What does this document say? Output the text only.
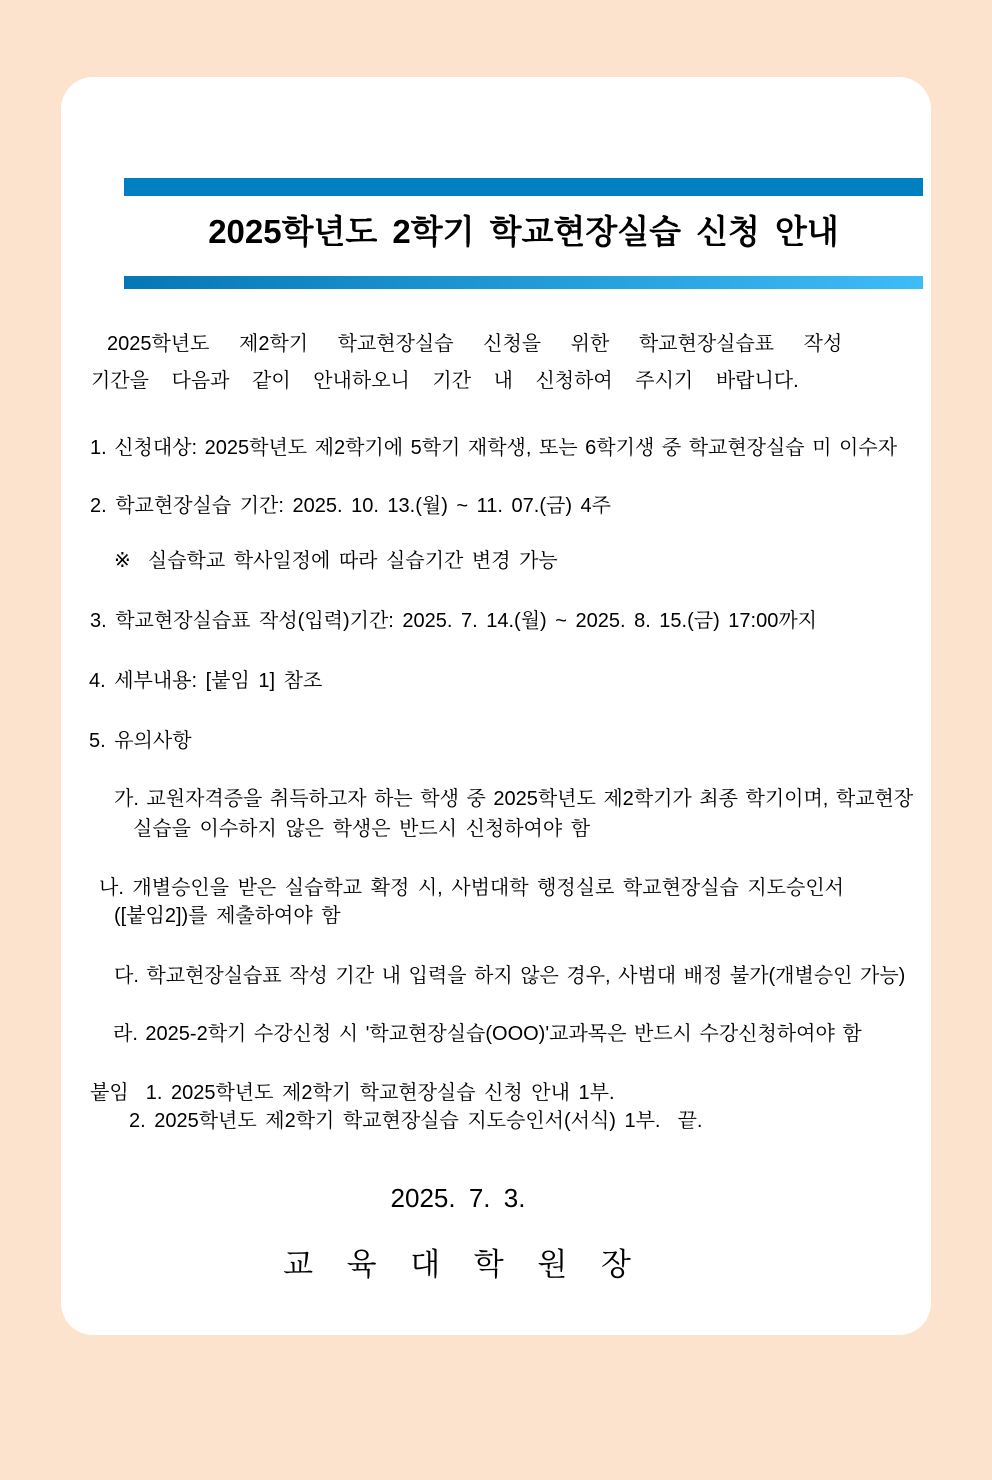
2025학년도 2학기 학교현장실습 신청 안내
2025학년도 제2학기 학교현장실습 신청을 위한 학교현장실습표 작성
기간을 다음과 같이 안내하오니 기간 내 신청하여 주시기 바랍니다.
1. 신청대상: 2025학년도 제2학기에 5학기 재학생, 또는 6학기생 중 학교현장실습 미 이수자
2. 학교현장실습 기간: 2025. 10. 13.(월) ~ 11. 07.(금) 4주
※  실습학교 학사일정에 따라 실습기간 변경 가능
3. 학교현장실습표 작성(입력)기간: 2025. 7. 14.(월) ~ 2025. 8. 15.(금) 17:00까지
4. 세부내용: [붙임 1] 참조
5. 유의사항
가. 교원자격증을 취득하고자 하는 학생 중 2025학년도 제2학기가 최종 학기이며, 학교현장
실습을 이수하지 않은 학생은 반드시 신청하여야 함
나. 개별승인을 받은 실습학교 확정 시, 사범대학 행정실로 학교현장실습 지도승인서
([붙임2])를 제출하여야 함
다. 학교현장실습표 작성 기간 내 입력을 하지 않은 경우, 사범대 배정 불가(개별승인 가능)
라. 2025-2학기 수강신청 시 '학교현장실습(OOO)'교과목은 반드시 수강신청하여야 함
붙임  1. 2025학년도 제2학기 학교현장실습 신청 안내 1부.
2. 2025학년도 제2학기 학교현장실습 지도승인서(서식) 1부.  끝.
2025. 7. 3.
교 육 대 학 원 장
